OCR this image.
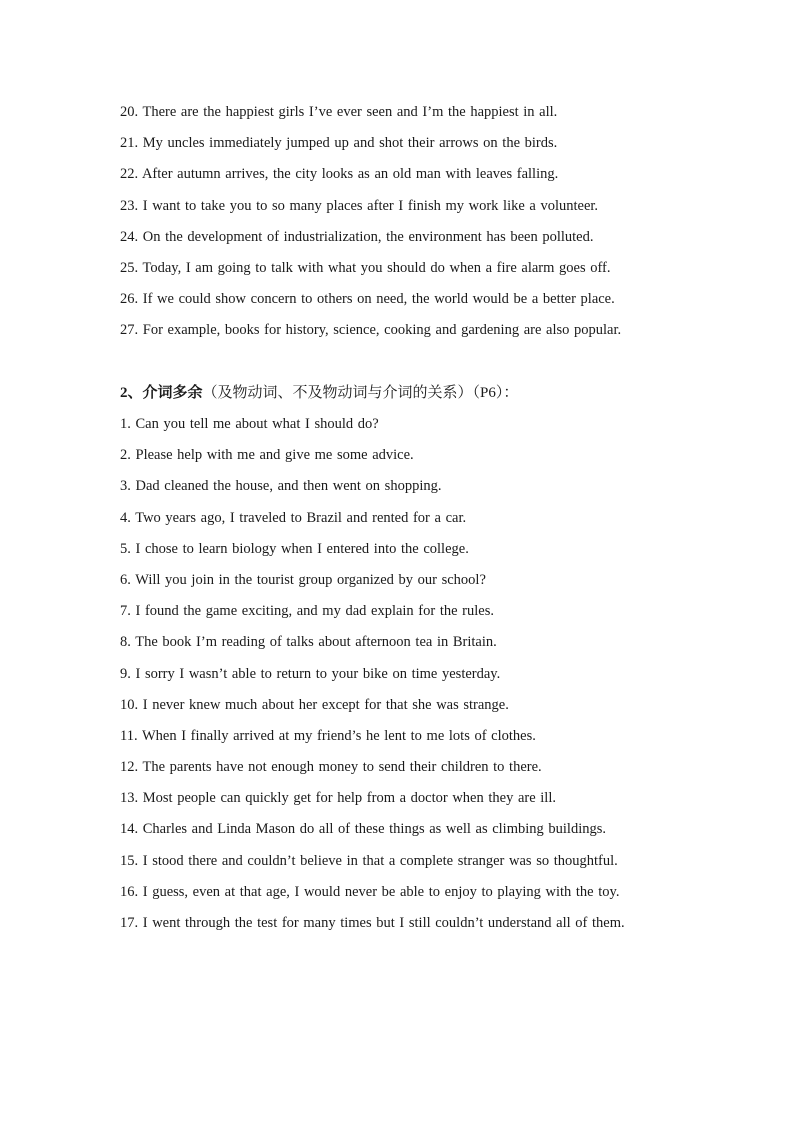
20. There are the happiest girls I’ve ever seen and I’m the happiest in all.
21. My uncles immediately jumped up and shot their arrows on the birds.
22. After autumn arrives, the city looks as an old man with leaves falling.
23. I want to take you to so many places after I finish my work like a volunteer.
24. On the development of industrialization, the environment has been polluted.
25. Today, I am going to talk with what you should do when a fire alarm goes off.
26. If we could show concern to others on need, the world would be a better place.
27. For example, books for history, science, cooking and gardening are also popular.
2、介词多余（及物动词、不及物动词与介词的关系）（P6）：
1. Can you tell me about what I should do?
2. Please help with me and give me some advice.
3. Dad cleaned the house, and then went on shopping.
4. Two years ago, I traveled to Brazil and rented for a car.
5. I chose to learn biology when I entered into the college.
6. Will you join in the tourist group organized by our school?
7. I found the game exciting, and my dad explain for the rules.
8. The book I’m reading of talks about afternoon tea in Britain.
9. I sorry I wasn’t able to return to your bike on time yesterday.
10. I never knew much about her except for that she was strange.
11. When I finally arrived at my friend’s he lent to me lots of clothes.
12. The parents have not enough money to send their children to there.
13. Most people can quickly get for help from a doctor when they are ill.
14. Charles and Linda Mason do all of these things as well as climbing buildings.
15. I stood there and couldn’t believe in that a complete stranger was so thoughtful.
16. I guess, even at that age, I would never be able to enjoy to playing with the toy.
17. I went through the test for many times but I still couldn’t understand all of them.
